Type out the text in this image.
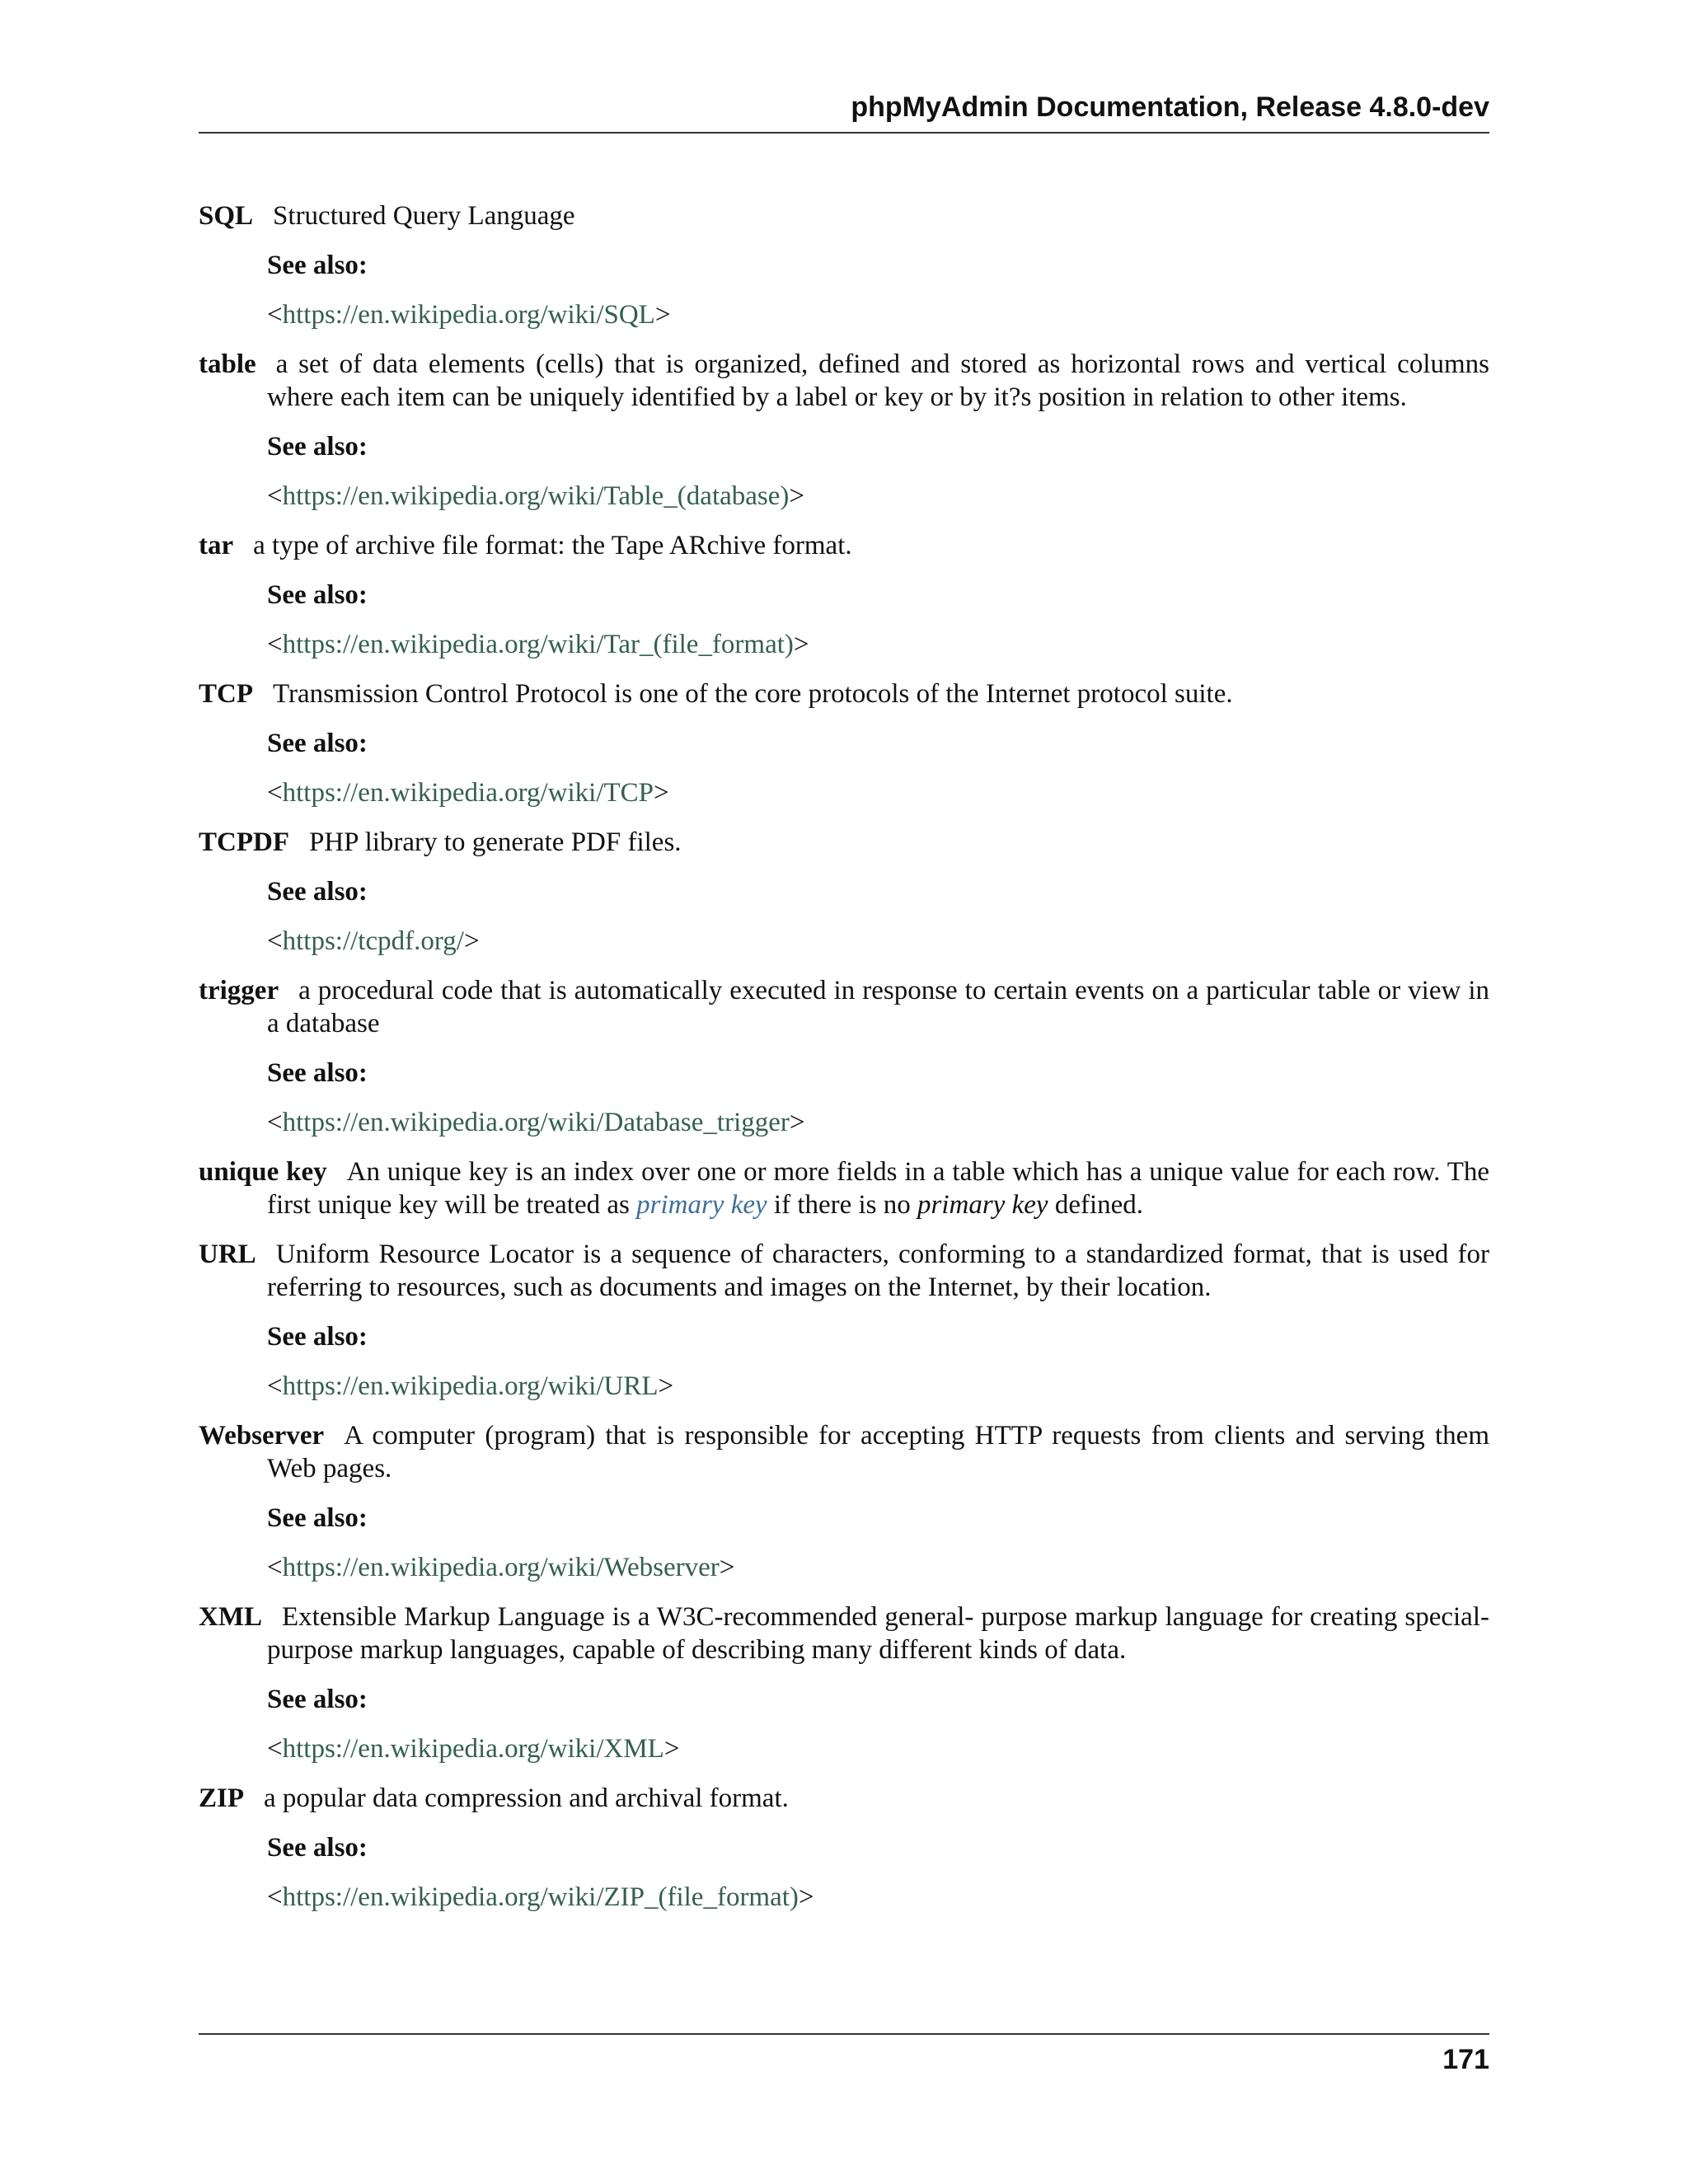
phpMyAdmin Documentation, Release 4.8.0-dev
SQL Structured Query Language
See also:
<https://en.wikipedia.org/wiki/SQL>
table a set of data elements (cells) that is organized, defined and stored as horizontal rows and vertical columns where each item can be uniquely identified by a label or key or by it?s position in relation to other items.
See also:
<https://en.wikipedia.org/wiki/Table_(database)>
tar a type of archive file format: the Tape ARchive format.
See also:
<https://en.wikipedia.org/wiki/Tar_(file_format)>
TCP Transmission Control Protocol is one of the core protocols of the Internet protocol suite.
See also:
<https://en.wikipedia.org/wiki/TCP>
TCPDF PHP library to generate PDF files.
See also:
<https://tcpdf.org/>
trigger a procedural code that is automatically executed in response to certain events on a particular table or view in a database
See also:
<https://en.wikipedia.org/wiki/Database_trigger>
unique key An unique key is an index over one or more fields in a table which has a unique value for each row. The first unique key will be treated as primary key if there is no primary key defined.
URL Uniform Resource Locator is a sequence of characters, conforming to a standardized format, that is used for referring to resources, such as documents and images on the Internet, by their location.
See also:
<https://en.wikipedia.org/wiki/URL>
Webserver A computer (program) that is responsible for accepting HTTP requests from clients and serving them Web pages.
See also:
<https://en.wikipedia.org/wiki/Webserver>
XML Extensible Markup Language is a W3C-recommended general- purpose markup language for creating special-purpose markup languages, capable of describing many different kinds of data.
See also:
<https://en.wikipedia.org/wiki/XML>
ZIP a popular data compression and archival format.
See also:
<https://en.wikipedia.org/wiki/ZIP_(file_format)>
171
